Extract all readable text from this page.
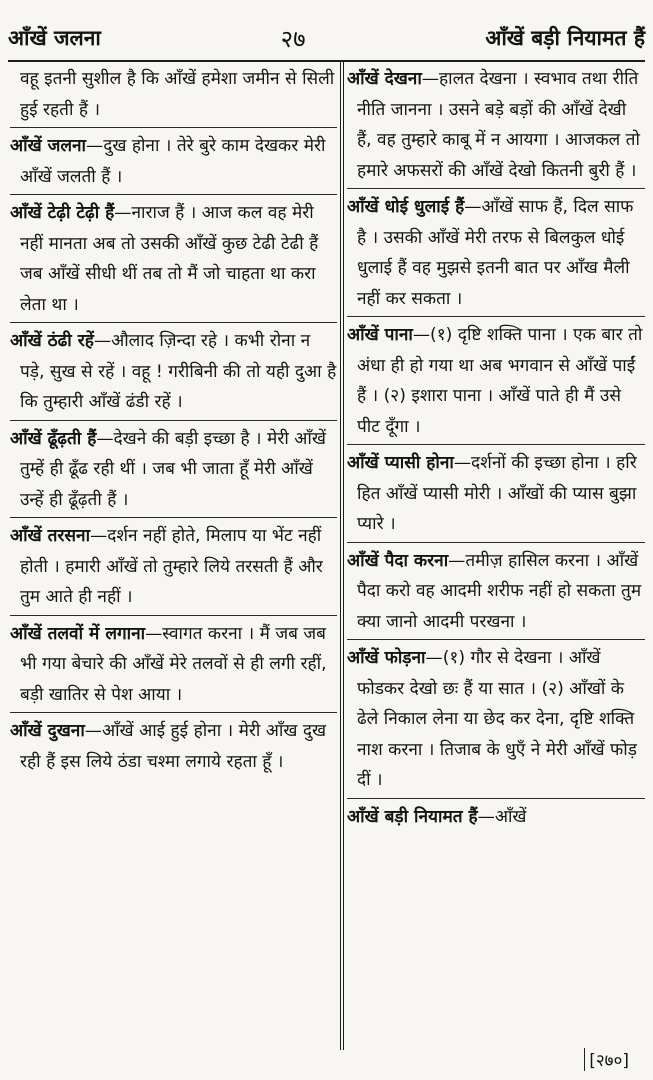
आँखें जलना	२७	आँखें बड़ी नियामत हैं
वहू इतनी सुशील है कि आँखें हमेशा जमीन से सिली हुई रहती हैं ।
आँखें जलना—दुख होना । तेरे बुरे काम देखकर मेरी आँखें जलती हैं ।
आँखें टेढ़ी टेढ़ी हैं—नाराज हैं । आज कल वह मेरी नहीं मानता अब तो उसकी आँखें कुछ टेढी टेढी हैं जब आँखें सीधी थीं तब तो मैं जो चाहता था करा लेता था ।
आँखें ठंढी रहें—औलाद ज़िन्दा रहे । कभी रोना न पड़े, सुख से रहें । वहू ! गरीबिनी की तो यही दुआ है कि तुम्हारी आँखें ढंडी रहें ।
आँखें ढूँढ़ती हैं—देखने की बड़ी इच्छा है । मेरी आँखें तुम्हें ही ढूँढ रही थीं । जब भी जाता हूँ मेरी आँखें उन्हें ही ढूँढ़ती हैं ।
आँखें तरसना—दर्शन नहीं होते, मिलाप या भेंट नहीं होती । हमारी आँखें तो तुम्हारे लिये तरसती हैं और तुम आते ही नहीं ।
आँखें तलवों में लगाना—स्वागत करना । मैं जब जब भी गया बेचारे की आँखें मेरे तलवों से ही लगी रहीं, बड़ी खातिर से पेश आया ।
आँखें दुखना—आँखें आई हुई होना । मेरी आँख दुख रही हैं इस लिये ठंडा चश्मा लगाये रहता हूँ ।
आँखें देखना—हालत देखना । स्वभाव तथा रीति नीति जानना । उसने बड़े बड़ों की आँखें देखी हैं, वह तुम्हारे काबू में न आयगा । आजकल तो हमारे अफसरों की आँखें देखो कितनी बुरी हैं ।
आँखें धोई धुलाई हैं—आँखें साफ हैं, दिल साफ है । उसकी आँखें मेरी तरफ से बिलकुल धोई धुलाई हैं वह मुझसे इतनी बात पर आँख मैली नहीं कर सकता ।
आँखें पाना—(१) दृष्टि शक्ति पाना । एक बार तो अंधा ही हो गया था अब भगवान से आँखें पाईं हैं । (२) इशारा पाना । आँखें पाते ही मैं उसे पीट दूँगा ।
आँखें प्यासी होना—दर्शनों की इच्छा होना । हरि हित आँखें प्यासी मोरी । आँखों की प्यास बुझा प्यारे ।
आँखें पैदा करना—तमीज़ हासिल करना । आँखें पैदा करो वह आदमी शरीफ नहीं हो सकता तुम क्या जानो आदमी परखना ।
आँखें फोड़ना—(१) गौर से देखना । आँखें फोडकर देखो छः हैं या सात । (२) आँखों के ढेले निकाल लेना या छेद कर देना, दृष्टि शक्ति नाश करना । तिजाब के धुएँ ने मेरी आँखें फोड़ दीं ।
आँखें बड़ी नियामत हैं—आँखें
[२७०]
